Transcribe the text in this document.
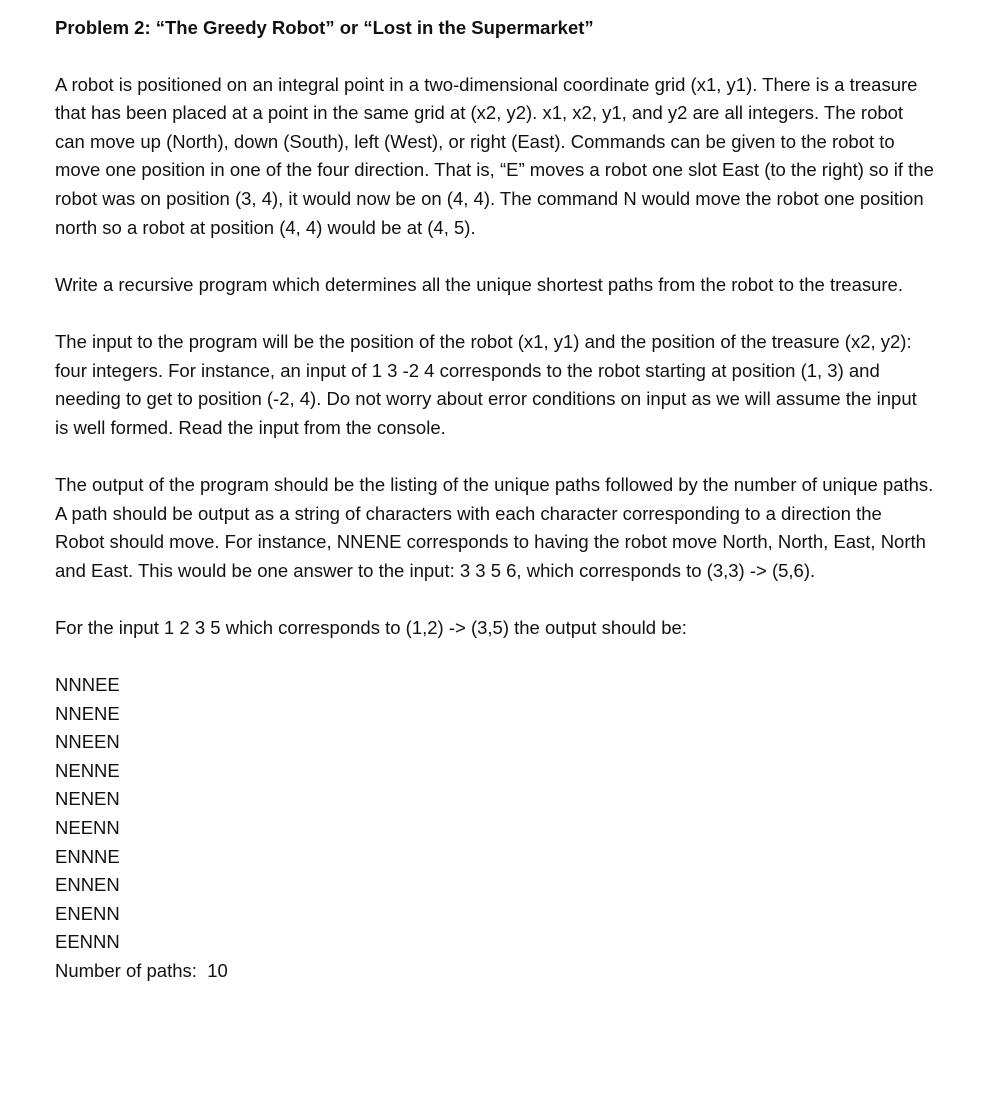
Problem 2: “The Greedy Robot” or “Lost in the Supermarket”

A robot is positioned on an integral point in a two-dimensional coordinate grid (x1, y1). There is a treasure that has been placed at a point in the same grid at (x2, y2). x1, x2, y1, and y2 are all integers. The robot can move up (North), down (South), left (West), or right (East). Commands can be given to the robot to move one position in one of the four direction. That is, “E” moves a robot one slot East (to the right) so if the robot was on position (3, 4), it would now be on (4, 4). The command N would move the robot one position north so a robot at position (4, 4) would be at (4, 5).

Write a recursive program which determines all the unique shortest paths from the robot to the treasure.

The input to the program will be the position of the robot (x1, y1) and the position of the treasure (x2, y2): four integers. For instance, an input of 1 3 -2 4 corresponds to the robot starting at position (1, 3) and needing to get to position (-2, 4). Do not worry about error conditions on input as we will assume the input is well formed. Read the input from the console.

The output of the program should be the listing of the unique paths followed by the number of unique paths. A path should be output as a string of characters with each character corresponding to a direction the Robot should move. For instance, NNENE corresponds to having the robot move North, North, East, North and East. This would be one answer to the input: 3 3 5 6, which corresponds to (3,3) -> (5,6).

For the input 1 2 3 5 which corresponds to (1,2) -> (3,5) the output should be:

NNNEE
NNENE
NNEEN
NENNE
NENEN
NEENN
ENNNE
ENNEN
ENENN
EENNN

Number of paths: 10
